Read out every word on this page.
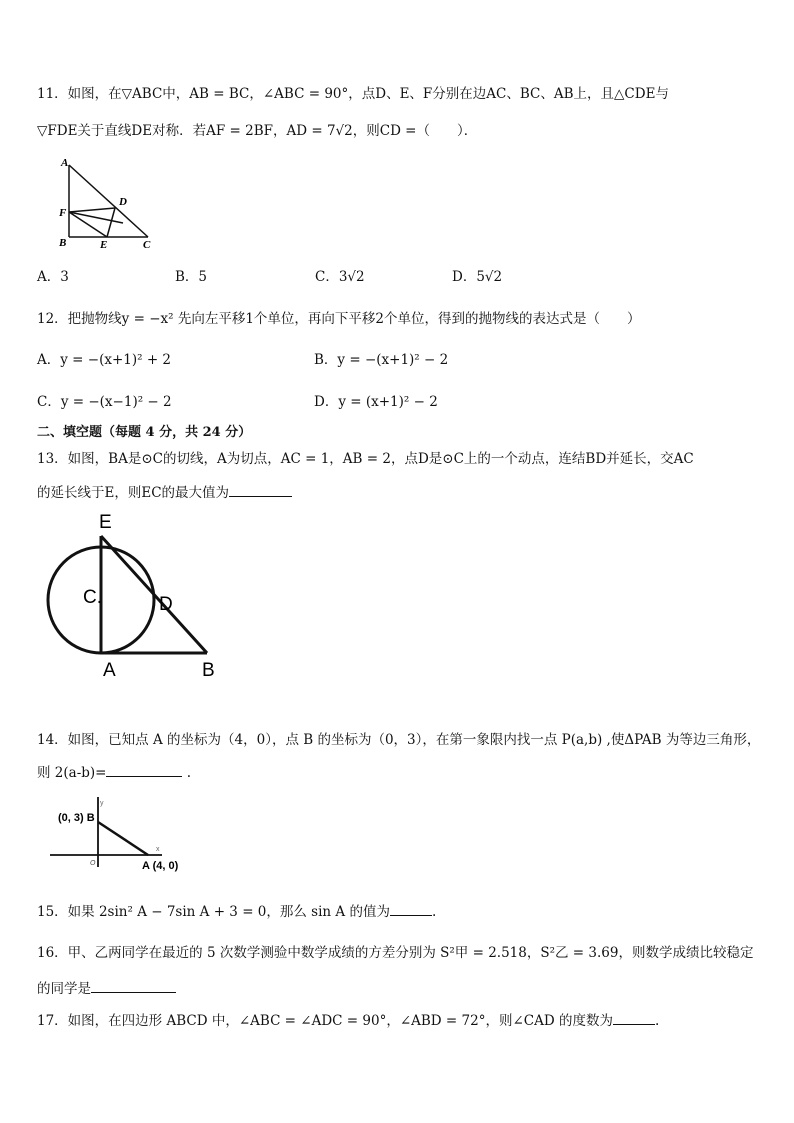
11．如图，在▽ABC中，AB = BC，∠ABC = 90°，点D、E、F分别在边AC、BC、AB上，且△CDE与
▽FDE关于直线DE对称．若AF = 2BF，AD = 7√2，则CD =（　　）．
A
F
B	E	C
D
A．3	B．5	C．3√2	D．5√2
12．把抛物线y = −x² 先向左平移1个单位，再向下平移2个单位，得到的抛物线的表达式是（　　）
A．y = −(x+1)² + 2	B．y = −(x+1)² − 2
C．y = −(x−1)² − 2	D．y = (x+1)² − 2
二、填空题（每题 4 分，共 24 分）
13．如图，BA是⊙C的切线，A为切点，AC = 1，AB = 2，点D是⊙C上的一个动点，连结BD并延长，交AC
的延长线于E，则EC的最大值为
E
C.	D
A	B
14．如图，已知点 A 的坐标为（4，0），点 B 的坐标为（0，3），在第一象限内找一点 P(a,b) ,使ΔPAB 为等边三角形，
则 2(a-b)=	.
y
x
O
(0, 3) B
A (4, 0)
15．如果 2sin² A − 7sin A + 3 = 0，那么 sin A 的值为	.
16．甲、乙两同学在最近的 5 次数学测验中数学成绩的方差分别为 S²甲 = 2.518，S²乙 = 3.69，则数学成绩比较稳定
的同学是
17．如图，在四边形 ABCD 中，∠ABC = ∠ADC = 90°，∠ABD = 72°，则∠CAD 的度数为	.
